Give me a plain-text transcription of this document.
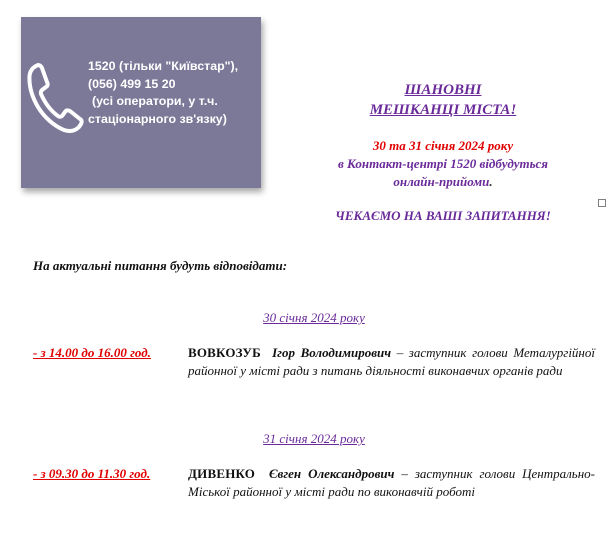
1520 (тільки "Київстар"),
(056) 499 15 20
(усі оператори, у т.ч.
стаціонарного зв'язку)
ШАНОВНІ
МЕШКАНЦІ МІСТА!
30 та 31 січня 2024 року
в Контакт-центрі 1520 відбудуться
онлайн-прийоми.
ЧЕКАЄМО НА ВАШІ ЗАПИТАННЯ!
На актуальні питання будуть відповідати:
30 січня 2024 року
- з 14.00 до 16.00 год.	ВОВКОЗУБ Ігор Володимирович – заступник голови Металургійної районної у місті ради з питань діяльності виконавчих органів ради
31 січня 2024 року
- з 09.30 до 11.30 год.	ДИВЕНКО Євген Олександрович – заступник голови Центрально-Міської районної у місті ради по виконавчій роботі
